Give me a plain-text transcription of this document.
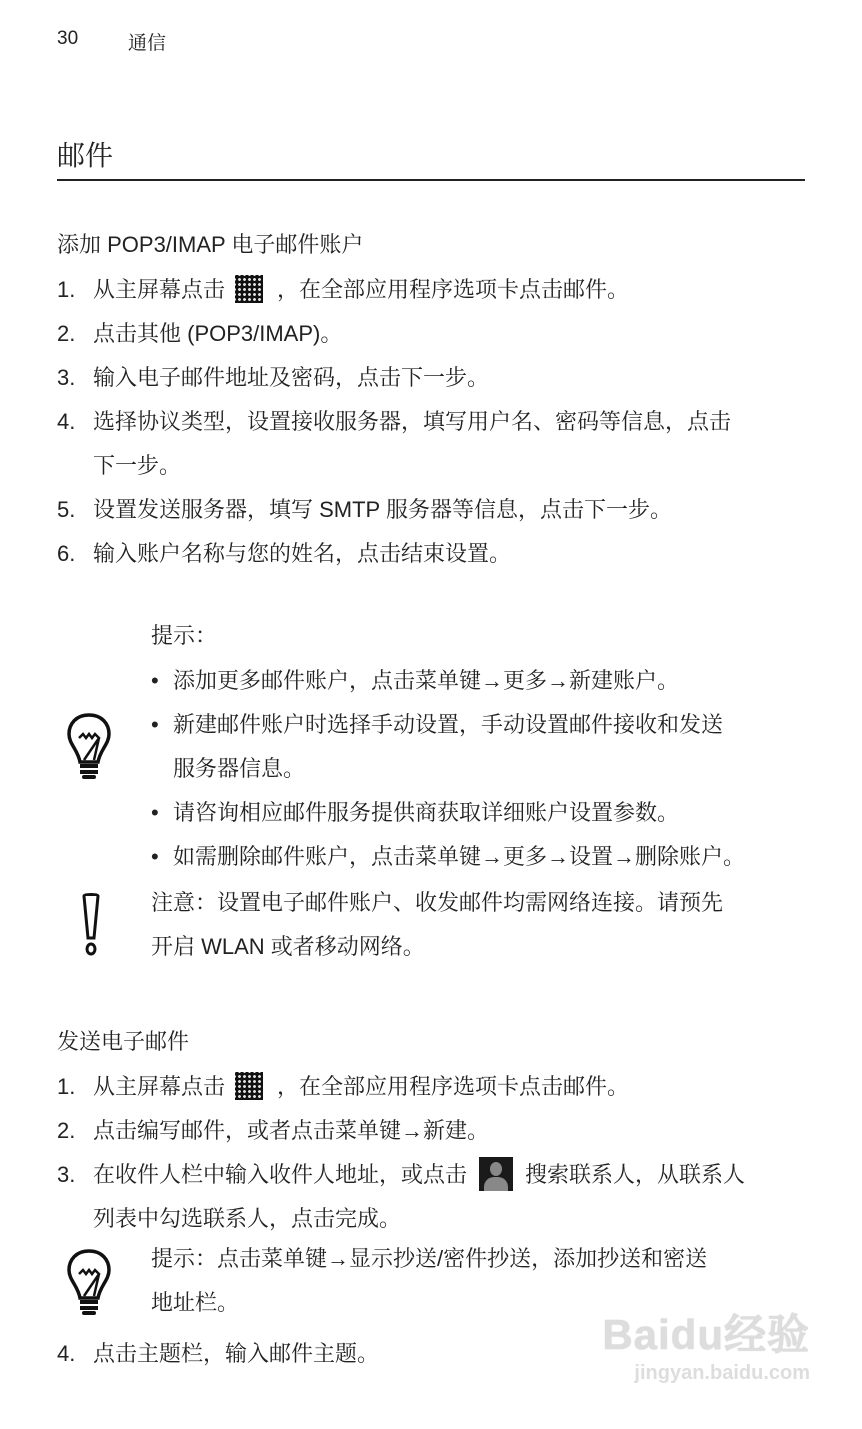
30	通信
邮件
添加 POP3/IMAP 电子邮件账户
1. 从主屏幕点击 ，在全部应用程序选项卡点击邮件。
2. 点击其他 (POP3/IMAP)。
3. 输入电子邮件地址及密码，点击下一步。
4. 选择协议类型，设置接收服务器，填写用户名、密码等信息，点击
下一步。
5. 设置发送服务器，填写 SMTP 服务器等信息，点击下一步。
6. 输入账户名称与您的姓名，点击结束设置。
提示：
• 添加更多邮件账户，点击菜单键→更多→新建账户。
• 新建邮件账户时选择手动设置，手动设置邮件接收和发送
服务器信息。
• 请咨询相应邮件服务提供商获取详细账户设置参数。
• 如需删除邮件账户，点击菜单键→更多→设置→删除账户。
注意：设置电子邮件账户、收发邮件均需网络连接。请预先
开启 WLAN 或者移动网络。
发送电子邮件
1. 从主屏幕点击 ，在全部应用程序选项卡点击邮件。
2. 点击编写邮件，或者点击菜单键→新建。
3. 在收件人栏中输入收件人地址，或点击	搜索联系人，从联系人
列表中勾选联系人，点击完成。
提示：点击菜单键→显示抄送/密件抄送，添加抄送和密送
地址栏。
4. 点击主题栏，输入邮件主题。	Baidu经验
jingyan.baidu.com
